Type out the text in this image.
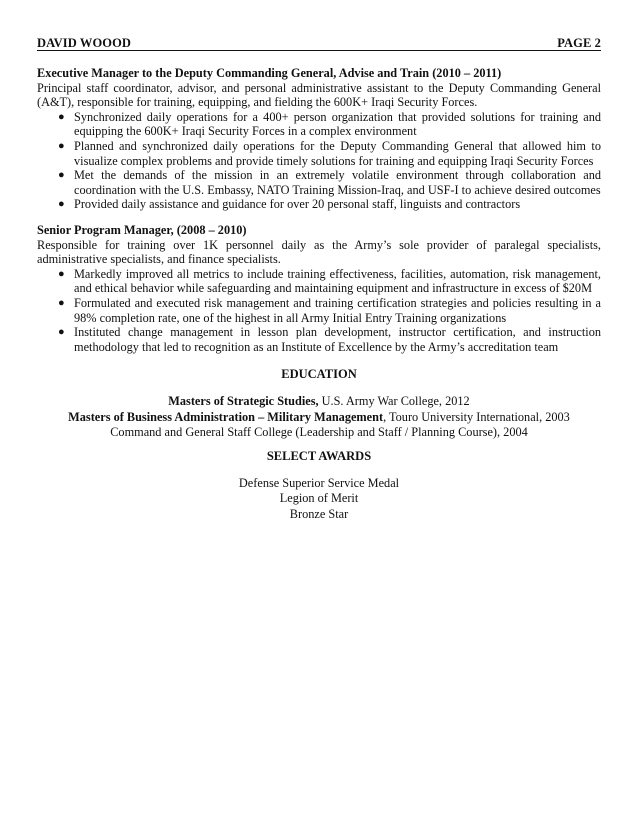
DAVID WOOOD	PAGE 2
Executive Manager to the Deputy Commanding General, Advise and Train (2010 – 2011)
Principal staff coordinator, advisor, and personal administrative assistant to the Deputy Commanding General (A&T), responsible for training, equipping, and fielding the 600K+ Iraqi Security Forces.
● Synchronized daily operations for a 400+ person organization that provided solutions for training and equipping the 600K+ Iraqi Security Forces in a complex environment
● Planned and synchronized daily operations for the Deputy Commanding General that allowed him to visualize complex problems and provide timely solutions for training and equipping Iraqi Security Forces
● Met the demands of the mission in an extremely volatile environment through collaboration and coordination with the U.S. Embassy, NATO Training Mission-Iraq, and USF-I to achieve desired outcomes
● Provided daily assistance and guidance for over 20 personal staff, linguists and contractors
Senior Program Manager, (2008 – 2010)
Responsible for training over 1K personnel daily as the Army’s sole provider of paralegal specialists, administrative specialists, and finance specialists.
● Markedly improved all metrics to include training effectiveness, facilities, automation, risk management, and ethical behavior while safeguarding and maintaining equipment and infrastructure in excess of $20M
● Formulated and executed risk management and training certification strategies and policies resulting in a 98% completion rate, one of the highest in all Army Initial Entry Training organizations
● Instituted change management in lesson plan development, instructor certification, and instruction methodology that led to recognition as an Institute of Excellence by the Army’s accreditation team
EDUCATION
Masters of Strategic Studies, U.S. Army War College, 2012
Masters of Business Administration – Military Management, Touro University International, 2003
Command and General Staff College (Leadership and Staff / Planning Course), 2004
SELECT AWARDS
Defense Superior Service Medal
Legion of Merit
Bronze Star
